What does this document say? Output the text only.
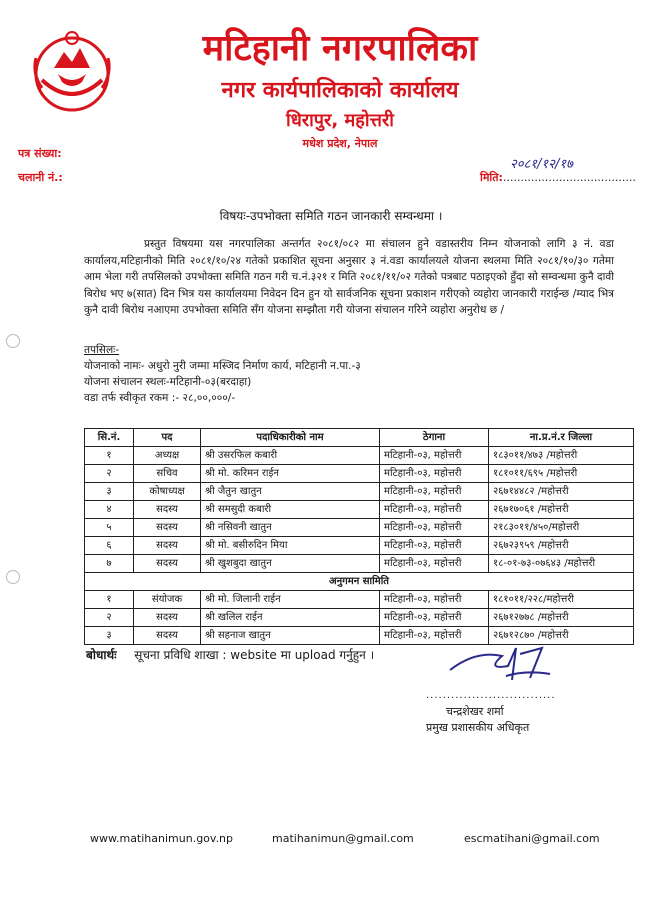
मटिहानी नगरपालिका
नगर कार्यपालिकाको कार्यालय
धिरापुर, महोत्तरी
मधेश प्रदेश, नेपाल
पत्र संख्या:
चलानी नं.:
२०८१/१२/१७
मिति:......................................
विषयः-उपभोक्ता समिति गठन जानकारी सम्वन्धमा ।
प्रस्तुत विषयमा यस नगरपालिका अन्तर्गत २०८१/०८२ मा संचालन हुने वडास्तरीय निम्न योजनाको लागि ३ नं. वडा कार्यालय,मटिहानीको मिति २०८१/१०/२४ गतेको प्रकाशित सूचना अनुसार ३ नं.वडा कार्यालयले योजना स्थलमा मिति २०८१/१०/३० गतेमा आम भेला गरी तपसिलको उपभोक्ता समिति गठन गरी च.नं.३२१ र मिति २०८१/११/०२ गतेको पत्रबाट पठाइएको हुँदा सो सम्वन्धमा कुनै दावी बिरोध भए ७(सात) दिन भित्र यस कार्यालयमा निवेदन दिन हुन यो सार्वजनिक सूचना प्रकाशन गरीएको व्यहोरा जानकारी गराईन्छ /म्याद भित्र कुनै दावी बिरोध नआएमा उपभोक्ता समिति सँग योजना सम्झौता गरी योजना संचालन गरिने व्यहोरा अनुरोध छ /
तपसिलः-
योजनाको नामः- अधुरो नुरी जम्मा मस्जिद निर्माण कार्य, मटिहानी न.पा.-३
योजना संचालन स्थलः-मटिहानी-०३(बरदाहा)
वडा तर्फ स्वीकृत रकम :- २८,००,०००/-
सि.नं.	पद	पदाधिकारीको नाम	ठेगाना	ना.प्र.नं.र जिल्ला
१	अध्यक्ष	श्री उसरफिल कबारी	मटिहानी-०३, महोत्तरी	१८३०११/४७३ /महोत्तरी
२	सचिव	श्री मो. करिमन राईन	मटिहानी-०३, महोत्तरी	१८१०११/६९५ /महोत्तरी
३	कोषाध्यक्ष	श्री जैतुन खातुन	मटिहानी-०३, महोत्तरी	२६७१४४८२ /महोत्तरी
४	सदस्य	श्री समसुदी कबारी	मटिहानी-०३, महोत्तरी	२६७१७०६१ /महोत्तरी
५	सदस्य	श्री नसिवनी खातुन	मटिहानी-०३, महोत्तरी	२१८३०११/४५०/महोत्तरी
६	सदस्य	श्री मो. बसीरुदिन मिया	मटिहानी-०३, महोत्तरी	२६७२३९५९ /महोत्तरी
७	सदस्य	श्री खुशबुदा खातुन	मटिहानी-०३, महोत्तरी	१८-०१-७३-०७६४३ /महोत्तरी
अनुगमन सामिति				
१	संयोजक	श्री मो. जिलानी राईन	मटिहानी-०३, महोत्तरी	१८१०११/२२८/महोत्तरी
२	सदस्य	श्री खलिल राईन	मटिहानी-०३, महोत्तरी	२६७१२७७८ /महोत्तरी
३	सदस्य	श्री सहनाज खातुन	मटिहानी-०३, महोत्तरी	२६७१२८७० /महोत्तरी
बोधार्थः सूचना प्रविधि शाखा : website मा upload गर्नुहुन ।
...............................
चन्द्रशेखर शर्मा
प्रमुख प्रशासकीय अधिकृत
www.matihanimun.gov.np	matihanimun@gmail.com	escmatihani@gmail.com
